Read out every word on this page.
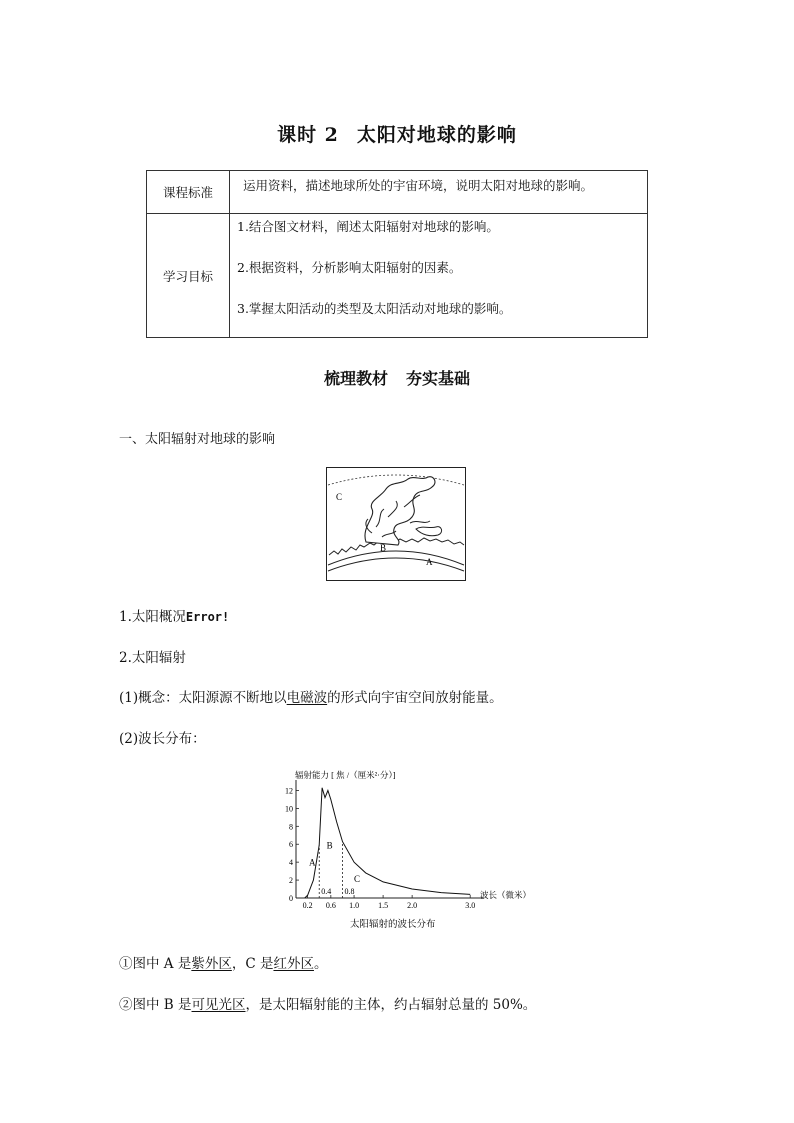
课时 2 太阳对地球的影响
课程标准	运用资料，描述地球所处的宇宙环境，说明太阳对地球的影响。

学习目标	1.结合图文材料，阐述太阳辐射对地球的影响。
2.根据资料，分析影响太阳辐射的因素。
3.掌握太阳活动的类型及太阳活动对地球的影响。
梳理教材 夯实基础
一、太阳辐射对地球的影响
C
B
A
1.太阳概况Error!
2.太阳辐射
(1)概念：太阳源源不断地以电磁波的形式向宇宙空间放射能量。
(2)波长分布：
辐射能力 [ 焦 /（厘米²·分）]
0
2
4
6
8
10
12
0.2 0.6 1.0 1.5 2.0	3.0
0.4 0.8
A
B
C
波长（微米）
太阳辐射的波长分布
①图中 A 是紫外区，C 是红外区。
②图中 B 是可见光区，是太阳辐射能的主体，约占辐射总量的 50%。
